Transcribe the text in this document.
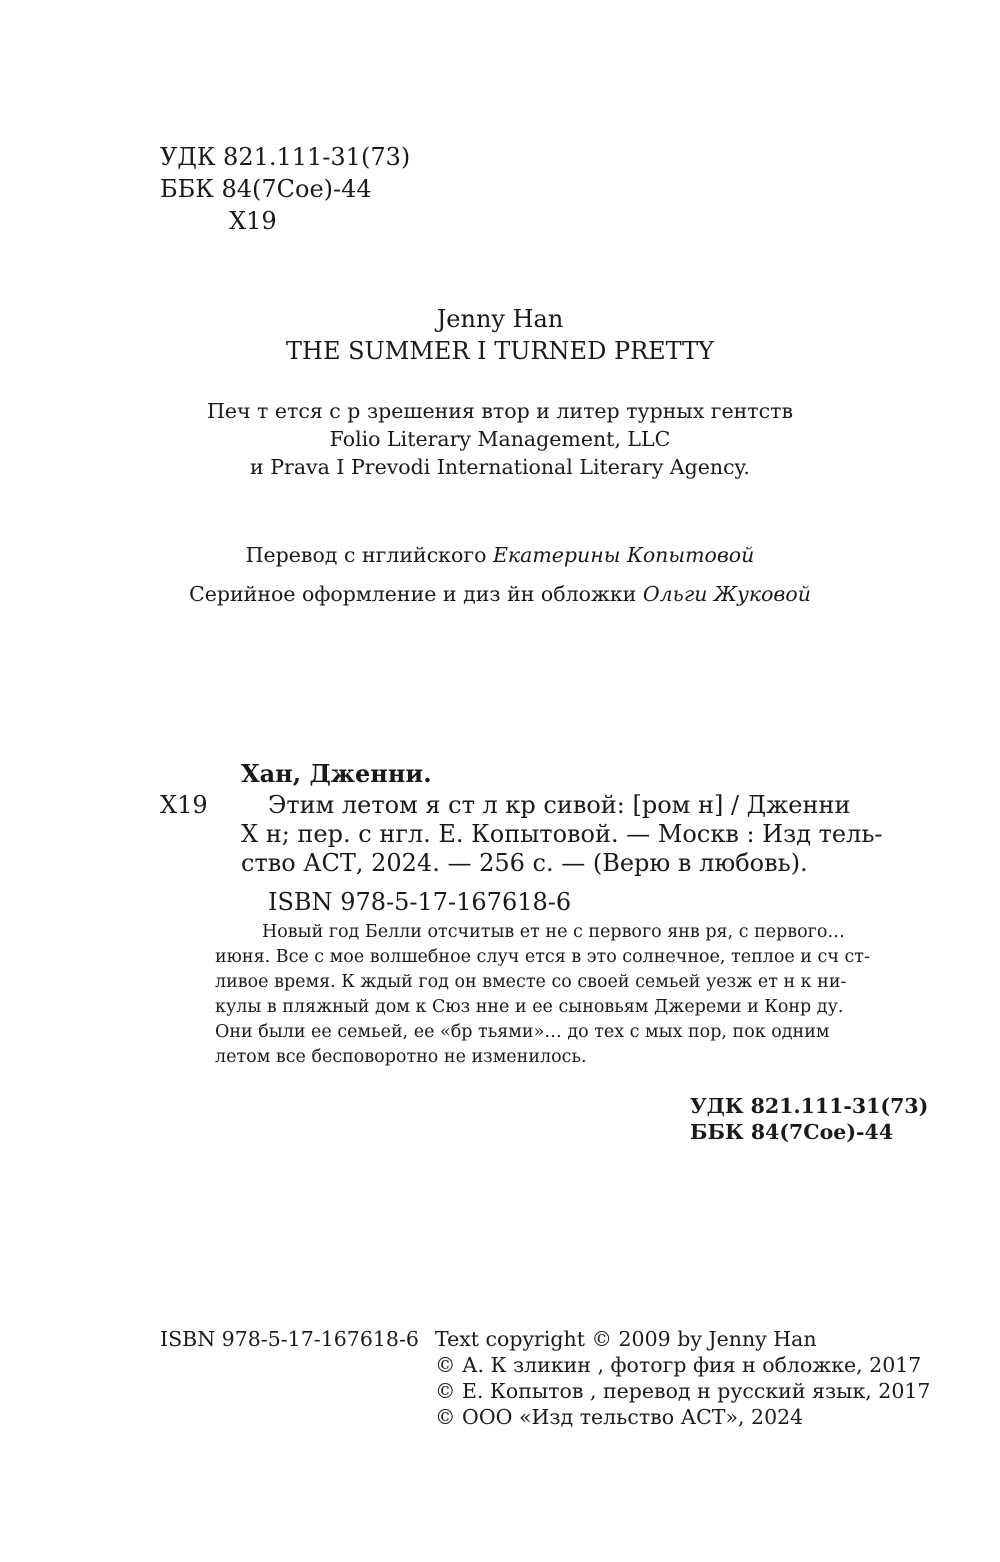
УДК 821.111-31(73)
ББК 84(7Сое)-44
Х19
Jenny Han
THE SUMMER I TURNED PRETTY
Печ т ется с р зрешения втор и литер турных гентств
Folio Literary Management, LLC
и Prava I Prevodi International Literary Agency.
Перевод с нглийского Екатерины Копытовой
Серийное оформление и диз йн обложки Ольги Жуковой
Хан, Дженни.
Х19	Этим летом я ст л кр сивой: [ром н] / Дженни
Х н; пер. с нгл. Е. Копытовой. — Москв : Изд тель-
ство АСТ, 2024. — 256 с. — (Верю в любовь).
ISBN 978-5-17-167618-6
Новый год Белли отсчитыв ет не с первого янв ря, с первого…
июня. Все с мое волшебное случ ется в это солнечное, теплое и сч ст-
ливое время. К ждый год он вместе со своей семьей уезж ет н к ни-
кулы в пляжный дом к Сюз нне и ее сыновьям Джереми и Конр ду.
Они были ее семьей, ее «бр тьями»… до тех с мых пор, пок одним
летом все бесповоротно не изменилось.
УДК 821.111-31(73)
ББК 84(7Сое)-44
ISBN 978-5-17-167618-6 Text copyright © 2009 by Jenny Han
© А. К зликин , фотогр фия н обложке, 2017
© Е. Копытов , перевод н русский язык, 2017
© ООО «Изд тельство АСТ», 2024
